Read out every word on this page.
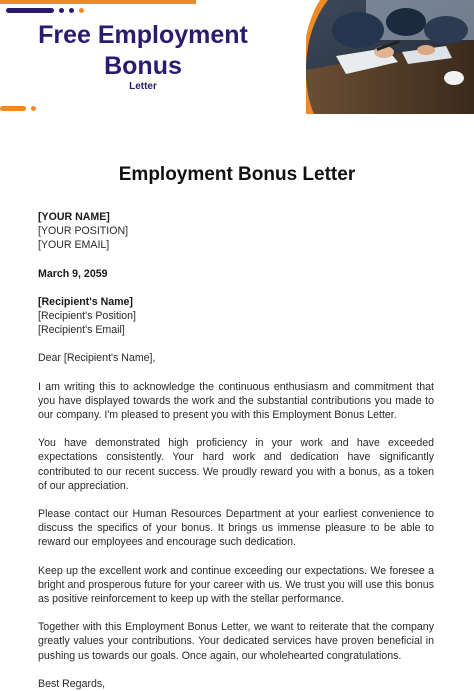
Free Employment
Bonus
Letter
Employment Bonus Letter

[YOUR NAME]

[YOUR POSITION]

[YOUR EMAIL]

March 9, 2059

[Recipient's Name]

[Recipient's Position]

[Recipient's Email]

Dear [Recipient's Name],

I am writing this to acknowledge the continuous enthusiasm and commitment that you have displayed towards the work and the substantial contributions you made to our company. I'm pleased to present you with this Employment Bonus Letter.

You have demonstrated high proficiency in your work and have exceeded expectations consistently. Your hard work and dedication have significantly contributed to our recent success. We proudly reward you with a bonus, as a token of our appreciation.

Please contact our Human Resources Department at your earliest convenience to discuss the specifics of your bonus. It brings us immense pleasure to be able to reward our employees and encourage such dedication.

Keep up the excellent work and continue exceeding our expectations. We foresee a bright and prosperous future for your career with us. We trust you will use this bonus as positive reinforcement to keep up with the stellar performance.

Together with this Employment Bonus Letter, we want to reiterate that the company greatly values your contributions. Your dedicated services have proven beneficial in pushing us towards our goals. Once again, our wholehearted congratulations.

Best Regards,
